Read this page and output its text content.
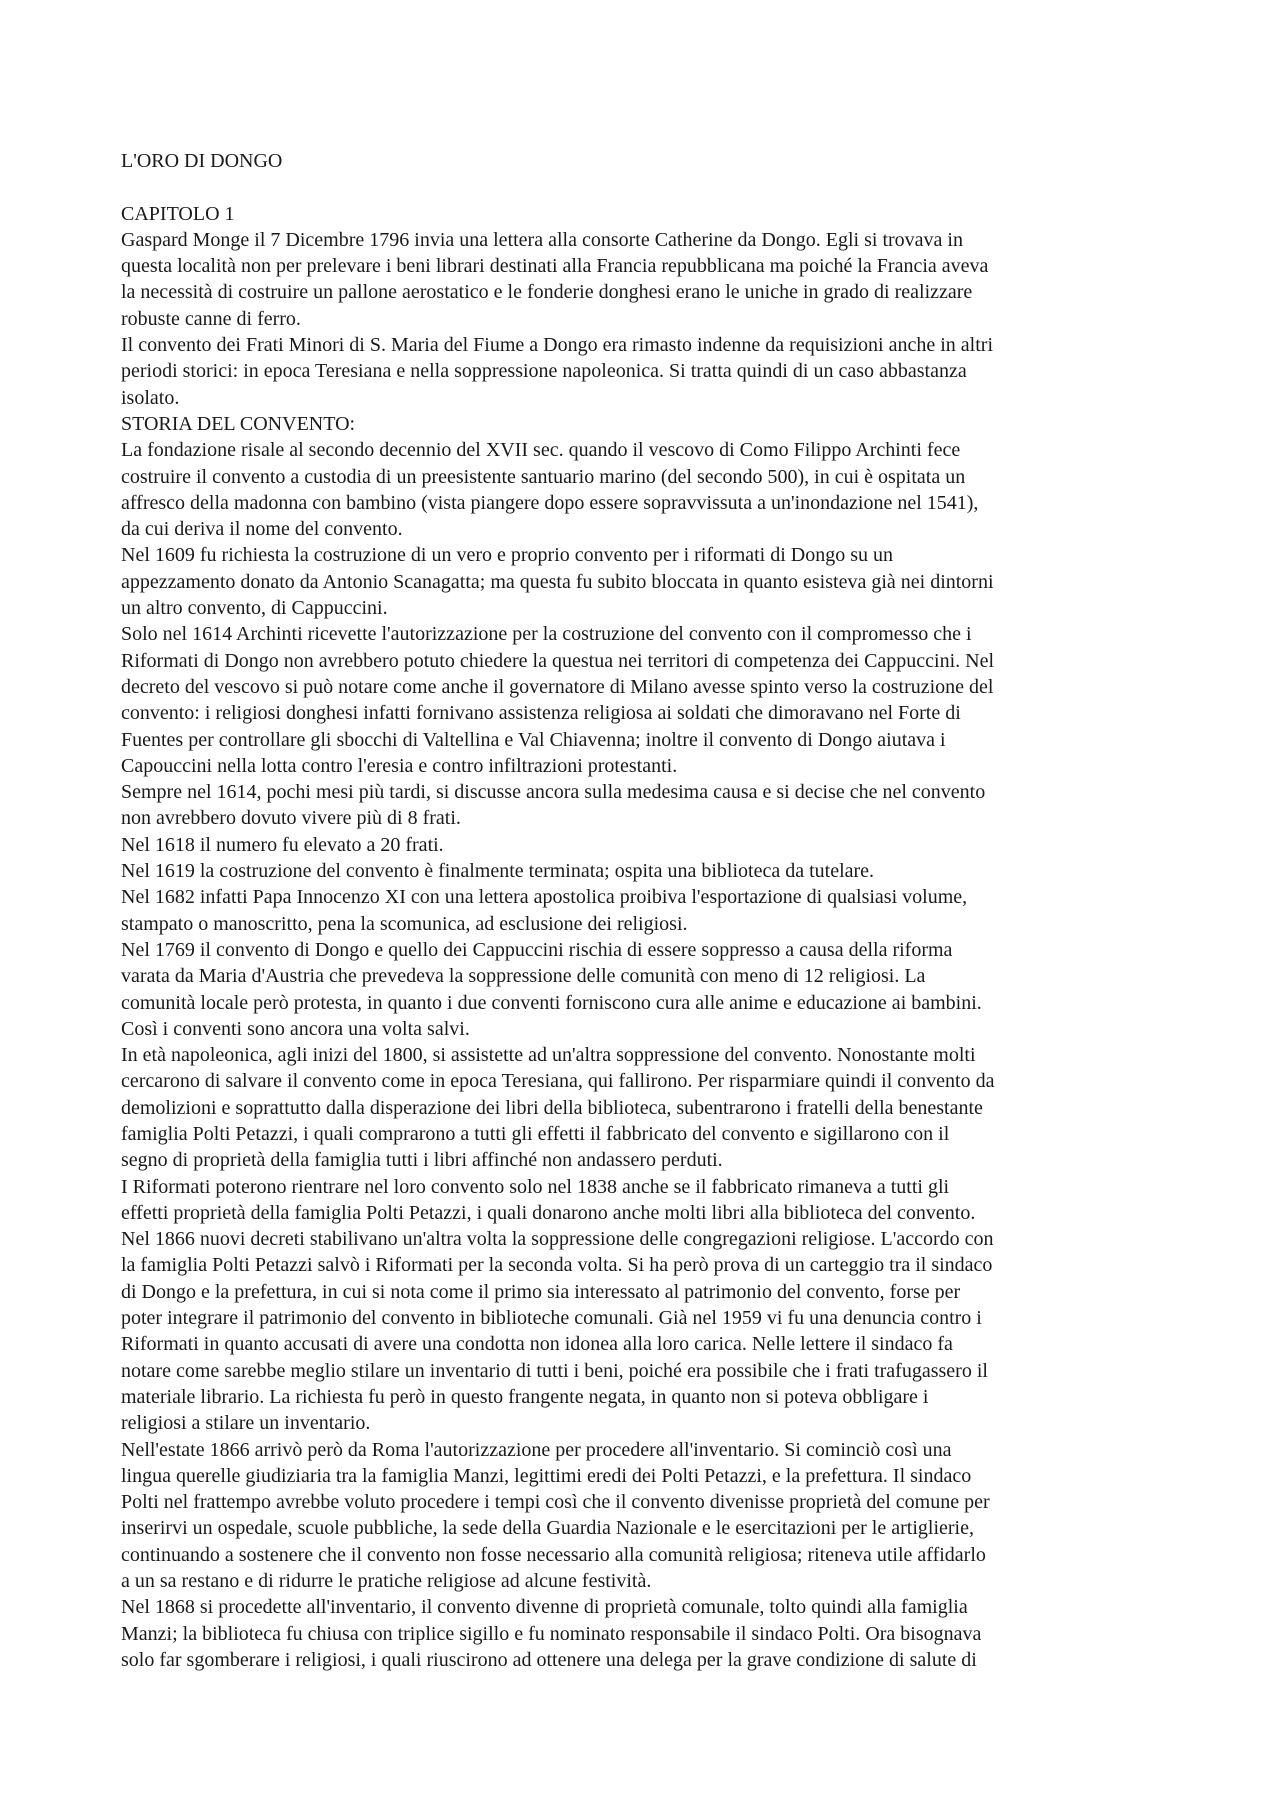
L'ORO DI DONGO
CAPITOLO 1
Gaspard Monge il 7 Dicembre 1796 invia una lettera alla consorte Catherine da Dongo. Egli si trovava in
questa località non per prelevare i beni librari destinati alla Francia repubblicana ma poiché la Francia aveva
la necessità di costruire un pallone aerostatico e le fonderie donghesi erano le uniche in grado di realizzare
robuste canne di ferro.
Il convento dei Frati Minori di S. Maria del Fiume a Dongo era rimasto indenne da requisizioni anche in altri
periodi storici: in epoca Teresiana e nella soppressione napoleonica. Si tratta quindi di un caso abbastanza
isolato.
STORIA DEL CONVENTO:
La fondazione risale al secondo decennio del XVII sec. quando il vescovo di Como Filippo Archinti fece
costruire il convento a custodia di un preesistente santuario marino (del secondo 500), in cui è ospitata un
affresco della madonna con bambino (vista piangere dopo essere sopravvissuta a un'inondazione nel 1541),
da cui deriva il nome del convento.
Nel 1609 fu richiesta la costruzione di un vero e proprio convento per i riformati di Dongo su un
appezzamento donato da Antonio Scanagatta; ma questa fu subito bloccata in quanto esisteva già nei dintorni
un altro convento, di Cappuccini.
Solo nel 1614 Archinti ricevette l'autorizzazione per la costruzione del convento con il compromesso che i
Riformati di Dongo non avrebbero potuto chiedere la questua nei territori di competenza dei Cappuccini. Nel
decreto del vescovo si può notare come anche il governatore di Milano avesse spinto verso la costruzione del
convento: i religiosi donghesi infatti fornivano assistenza religiosa ai soldati che dimoravano nel Forte di
Fuentes per controllare gli sbocchi di Valtellina e Val Chiavenna; inoltre il convento di Dongo aiutava i
Capouccini nella lotta contro l'eresia e contro infiltrazioni protestanti.
Sempre nel 1614, pochi mesi più tardi, si discusse ancora sulla medesima causa e si decise che nel convento
non avrebbero dovuto vivere più di 8 frati.
Nel 1618 il numero fu elevato a 20 frati.
Nel 1619 la costruzione del convento è finalmente terminata; ospita una biblioteca da tutelare.
Nel 1682 infatti Papa Innocenzo XI con una lettera apostolica proibiva l'esportazione di qualsiasi volume,
stampato o manoscritto, pena la scomunica, ad esclusione dei religiosi.
Nel 1769 il convento di Dongo e quello dei Cappuccini rischia di essere soppresso a causa della riforma
varata da Maria d'Austria che prevedeva la soppressione delle comunità con meno di 12 religiosi. La
comunità locale però protesta, in quanto i due conventi forniscono cura alle anime e educazione ai bambini.
Così i conventi sono ancora una volta salvi.
In età napoleonica, agli inizi del 1800, si assistette ad un'altra soppressione del convento. Nonostante molti
cercarono di salvare il convento come in epoca Teresiana, qui fallirono. Per risparmiare quindi il convento da
demolizioni e soprattutto dalla disperazione dei libri della biblioteca, subentrarono i fratelli della benestante
famiglia Polti Petazzi, i quali comprarono a tutti gli effetti il fabbricato del convento e sigillarono con il
segno di proprietà della famiglia tutti i libri affinché non andassero perduti.
I Riformati poterono rientrare nel loro convento solo nel 1838 anche se il fabbricato rimaneva a tutti gli
effetti proprietà della famiglia Polti Petazzi, i quali donarono anche molti libri alla biblioteca del convento.
Nel 1866 nuovi decreti stabilivano un'altra volta la soppressione delle congregazioni religiose. L'accordo con
la famiglia Polti Petazzi salvò i Riformati per la seconda volta. Si ha però prova di un carteggio tra il sindaco
di Dongo e la prefettura, in cui si nota come il primo sia interessato al patrimonio del convento, forse per
poter integrare il patrimonio del convento in biblioteche comunali. Già nel 1959 vi fu una denuncia contro i
Riformati in quanto accusati di avere una condotta non idonea alla loro carica. Nelle lettere il sindaco fa
notare come sarebbe meglio stilare un inventario di tutti i beni, poiché era possibile che i frati trafugassero il
materiale librario. La richiesta fu però in questo frangente negata, in quanto non si poteva obbligare i
religiosi a stilare un inventario.
Nell'estate 1866 arrivò però da Roma l'autorizzazione per procedere all'inventario. Si cominciò così una
lingua querelle giudiziaria tra la famiglia Manzi, legittimi eredi dei Polti Petazzi, e la prefettura. Il sindaco
Polti nel frattempo avrebbe voluto procedere i tempi così che il convento divenisse proprietà del comune per
inserirvi un ospedale, scuole pubbliche, la sede della Guardia Nazionale e le esercitazioni per le artiglierie,
continuando a sostenere che il convento non fosse necessario alla comunità religiosa; riteneva utile affidarlo
a un sa restano e di ridurre le pratiche religiose ad alcune festività.
Nel 1868 si procedette all'inventario, il convento divenne di proprietà comunale, tolto quindi alla famiglia
Manzi; la biblioteca fu chiusa con triplice sigillo e fu nominato responsabile il sindaco Polti. Ora bisognava
solo far sgomberare i religiosi, i quali riuscirono ad ottenere una delega per la grave condizione di salute di
